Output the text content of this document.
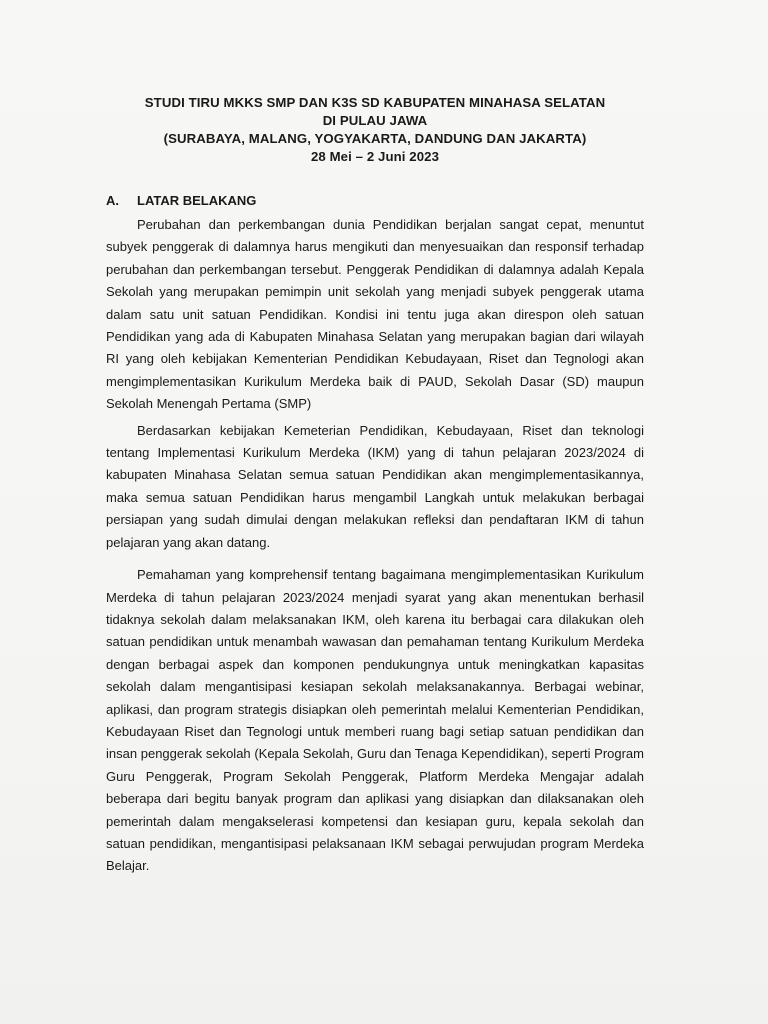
STUDI TIRU MKKS SMP DAN K3S SD KABUPATEN MINAHASA SELATAN
DI PULAU JAWA
(SURABAYA, MALANG, YOGYAKARTA, DANDUNG DAN JAKARTA)
28 Mei – 2 Juni 2023
A.	LATAR BELAKANG

Perubahan dan perkembangan dunia Pendidikan berjalan sangat cepat, menuntut subyek penggerak di dalamnya harus mengikuti dan menyesuaikan dan responsif terhadap perubahan dan perkembangan tersebut. Penggerak Pendidikan di dalamnya adalah Kepala Sekolah yang merupakan pemimpin unit sekolah yang menjadi subyek penggerak utama dalam satu unit satuan Pendidikan. Kondisi ini tentu juga akan direspon oleh satuan Pendidikan yang ada di Kabupaten Minahasa Selatan yang merupakan bagian dari wilayah RI yang oleh kebijakan Kementerian Pendidikan Kebudayaan, Riset dan Tegnologi akan mengimplementasikan Kurikulum Merdeka baik di PAUD, Sekolah Dasar (SD) maupun Sekolah Menengah Pertama (SMP)

Berdasarkan kebijakan Kemeterian Pendidikan, Kebudayaan, Riset dan teknologi tentang Implementasi Kurikulum Merdeka (IKM) yang di tahun pelajaran 2023/2024 di kabupaten Minahasa Selatan semua satuan Pendidikan akan mengimplementasikannya, maka semua satuan Pendidikan harus mengambil Langkah untuk melakukan berbagai persiapan yang sudah dimulai dengan melakukan refleksi dan pendaftaran IKM di tahun pelajaran yang akan datang.

Pemahaman yang komprehensif tentang bagaimana mengimplementasikan Kurikulum Merdeka di tahun pelajaran 2023/2024 menjadi syarat yang akan menentukan berhasil tidaknya sekolah dalam melaksanakan IKM, oleh karena itu berbagai cara dilakukan oleh satuan pendidikan untuk menambah wawasan dan pemahaman tentang Kurikulum Merdeka dengan berbagai aspek dan komponen pendukungnya untuk meningkatkan kapasitas sekolah dalam mengantisipasi kesiapan sekolah melaksanakannya. Berbagai webinar, aplikasi, dan program strategis disiapkan oleh pemerintah melalui Kementerian Pendidikan, Kebudayaan Riset dan Tegnologi untuk memberi ruang bagi setiap satuan pendidikan dan insan penggerak sekolah (Kepala Sekolah, Guru dan Tenaga Kependidikan), seperti Program Guru Penggerak, Program Sekolah Penggerak, Platform Merdeka Mengajar adalah beberapa dari begitu banyak program dan aplikasi yang disiapkan dan dilaksanakan oleh pemerintah dalam mengakselerasi kompetensi dan kesiapan guru, kepala sekolah dan satuan pendidikan, mengantisipasi pelaksanaan IKM sebagai perwujudan program Merdeka Belajar.
